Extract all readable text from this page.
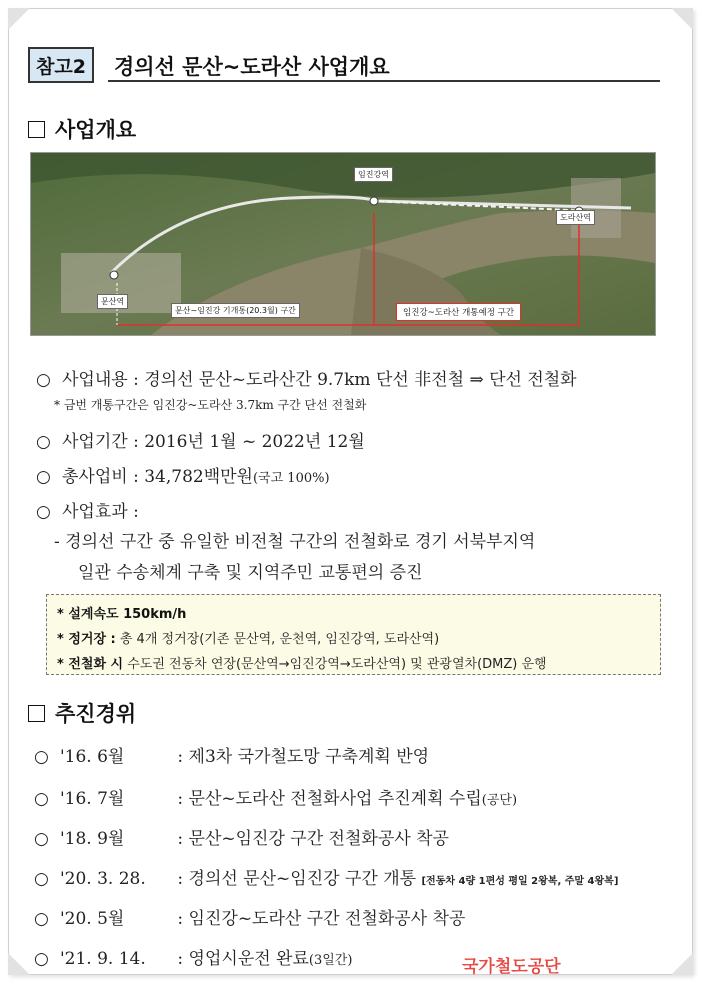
참고2	경의선 문산~도라산 사업개요
사업개요
문산역
임진강역
도라산역
문산~임진강 기개통(20.3월) 구간	임진강~도라산 개통예정 구간
○ 사업내용 : 경의선 문산~도라산간 9.7km 단선 非전철 ⇒ 단선 전철화
* 금번 개통구간은 임진강~도라산 3.7km 구간 단선 전철화
○ 사업기간 : 2016년 1월 ~ 2022년 12월
○ 총사업비 : 34,782백만원(국고 100%)
○ 사업효과 :
- 경의선 구간 중 유일한 비전철 구간의 전철화로 경기 서북부지역
일관 수송체계 구축 및 지역주민 교통편의 증진
* 설계속도 150km/h
* 정거장 : 총 4개 정거장(기존 문산역, 운천역, 임진강역, 도라산역)
* 전철화 시 수도권 전동차 연장(문산역→임진강역→도라산역) 및 관광열차(DMZ) 운행
추진경위
○ '16. 6월	: 제3차 국가철도망 구축계획 반영
○ '16. 7월	: 문산~도라산 전철화사업 추진계획 수립(공단)
○ '18. 9월	: 문산~임진강 구간 전철화공사 착공
○ '20. 3. 28. : 경의선 문산~임진강 구간 개통 [전동차 4량 1편성 평일 2왕복, 주말 4왕복]
○ '20. 5월	: 임진강~도라산 구간 전철화공사 착공
○ '21. 9. 14. : 영업시운전 완료(3일간)	국가철도공단
